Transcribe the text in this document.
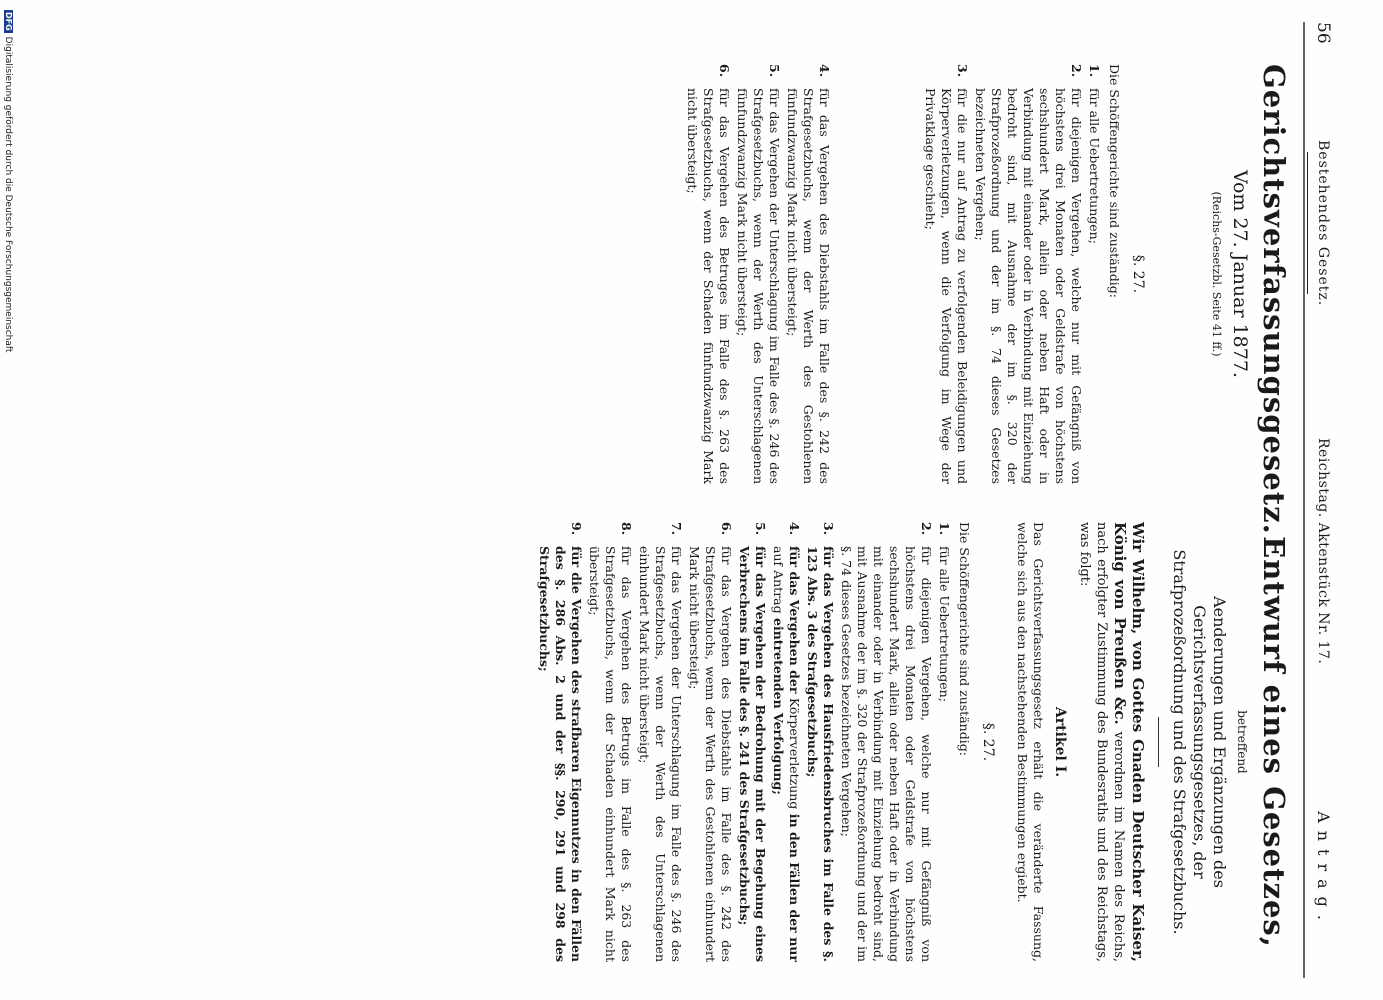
56
Bestehendes Gesetz.
Reichstag. Aktenstück Nr. 17.
Antrag.
Gerichtsverfassungsgesetz.
Vom 27. Januar 1877.
(Reichs-Gesetzbl. Seite 41 ff.)
§. 27.

Die Schöffengerichte sind zuständig:

1.
für alle Uebertretungen;
2.
für diejenigen Vergehen, welche nur mit Gefängniß von höchstens drei Monaten oder Geldstrafe von höchstens sechshundert Mark, allein oder neben Haft oder in Verbindung mit einander oder in Verbindung mit Einziehung bedroht sind, mit Ausnahme der im §. 320 der Strafprozeßordnung und der im §. 74 dieses Gesetzes bezeichneten Vergehen;
3.
für die nur auf Antrag zu verfolgenden Beleidigungen und Körperverletzungen, wenn die Verfolgung im Wege der Privatklage geschieht;
4.
für das Vergehen des Diebstahls im Falle des §. 242 des Strafgesetzbuchs, wenn der Werth des Gestohlenen fünfundzwanzig Mark nicht übersteigt;
5.
für das Vergehen der Unterschlagung im Falle des §. 246 des Strafgesetzbuchs, wenn der Werth des Unterschlagenen fünfundzwanzig Mark nicht übersteigt;
6.
für das Vergehen des Betruges im Falle des §. 263 des Strafgesetzbuchs, wenn der Schaden fünfundzwanzig Mark nicht übersteigt;
Entwurf eines Gesetzes,
betreffend
Aenderungen und Ergänzungen des Gerichtsverfassungsgesetzes, der Strafprozeßordnung und des Strafgesetzbuchs.

Wir Wilhelm, von Gottes Gnaden Deutscher Kaiser, König von Preußen &c. verordnen im Namen des Reichs, nach erfolgter Zustimmung des Bundesraths und des Reichstags, was folgt:

Artikel I.

Das Gerichtsverfassungsgesetz erhält die veränderte Fassung, welche sich aus den nachstehenden Bestimmungen ergiebt.

§. 27.

Die Schöffengerichte sind zuständig:

1.
für alle Uebertretungen;
2.
für diejenigen Vergehen, welche nur mit Gefängniß von höchstens drei Monaten oder Geldstrafe von höchstens sechshundert Mark, allein oder neben Haft oder in Verbindung mit einander oder in Verbindung mit Einziehung bedroht sind, mit Ausnahme der im §. 320 der Strafprozeßordnung und der im §. 74 dieses Gesetzes bezeichneten Vergehen;
3.
für das Vergehen des Hausfriedensbruches im Falle des §. 123 Abs. 3 des Strafgesetzbuchs;
4.
für das Vergehen der Körperverletzung in den Fällen der nur auf Antrag eintretenden Verfolgung;
5.
für das Vergehen der Bedrohung mit der Begehung eines Verbrechens im Falle des §. 241 des Strafgesetzbuchs;
6.
für das Vergehen des Diebstahls im Falle des §. 242 des Strafgesetzbuchs, wenn der Werth des Gestohlenen einhundert Mark nicht übersteigt;
7.
für das Vergehen der Unterschlagung im Falle des §. 246 des Strafgesetzbuchs, wenn der Werth des Unterschlagenen einhundert Mark nicht übersteigt;
8.
für das Vergehen des Betrugs im Falle des §. 263 des Strafgesetzbuchs, wenn der Schaden einhundert Mark nicht übersteigt;
9.
für die Vergehen des strafbaren Eigennutzes in den Fällen des §. 286 Abs. 2 und der §§. 290, 291 und 298 des Strafgesetzbuchs;
DFGDigitalisierung gefördert durch die Deutsche Forschungsgemeinschaft
